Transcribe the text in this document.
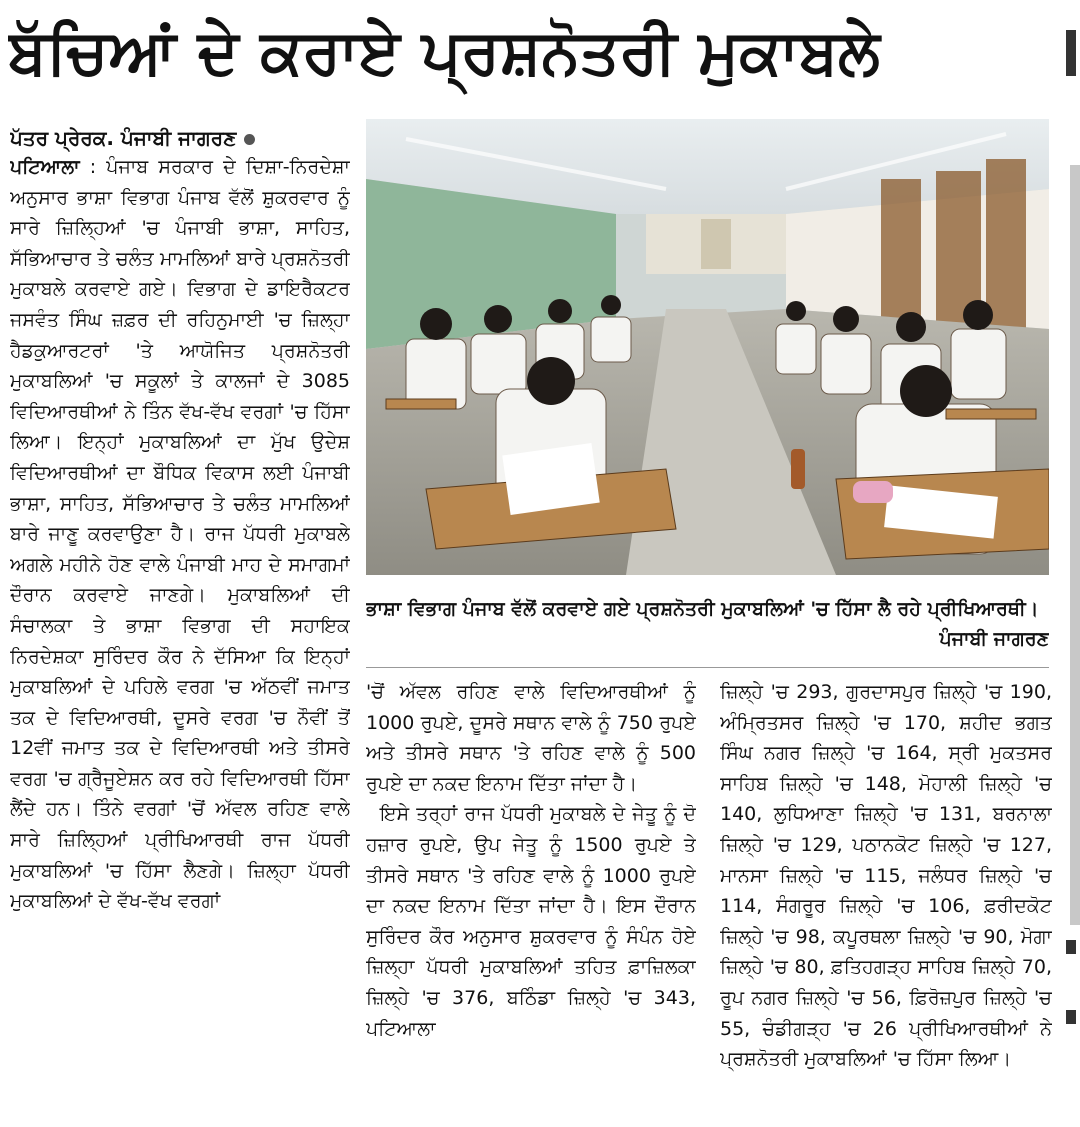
ਬੱਚਿਆਂ ਦੇ ਕਰਾਏ ਪ੍ਰਸ਼ਨੋਤਰੀ ਮੁਕਾਬਲੇ
ਪੱਤਰ ਪ੍ਰੇਰਕ. ਪੰਜਾਬੀ ਜਾਗਰਣ

ਪਟਿਆਲਾ : ਪੰਜਾਬ ਸਰਕਾਰ ਦੇ ਦਿਸ਼ਾ-ਨਿਰਦੇਸ਼ਾ ਅਨੁਸਾਰ ਭਾਸ਼ਾ ਵਿਭਾਗ ਪੰਜਾਬ ਵੱਲੋਂ ਸ਼ੁਕਰਵਾਰ ਨੂੰ ਸਾਰੇ ਜ਼ਿਲ੍ਹਿਆਂ 'ਚ ਪੰਜਾਬੀ ਭਾਸ਼ਾ, ਸਾਹਿਤ, ਸੱਭਿਆਚਾਰ ਤੇ ਚਲੰਤ ਮਾਮਲਿਆਂ ਬਾਰੇ ਪ੍ਰਸ਼ਨੋਤਰੀ ਮੁਕਾਬਲੇ ਕਰਵਾਏ ਗਏ। ਵਿਭਾਗ ਦੇ ਡਾਇਰੈਕਟਰ ਜਸਵੰਤ ਸਿੰਘ ਜ਼ਫ਼ਰ ਦੀ ਰਹਿਨੁਮਾਈ 'ਚ ਜ਼ਿਲ੍ਹਾ ਹੈਡਕੁਆਰਟਰਾਂ 'ਤੇ ਆਯੋਜਿਤ ਪ੍ਰਸ਼ਨੋਤਰੀ ਮੁਕਾਬਲਿਆਂ 'ਚ ਸਕੂਲਾਂ ਤੇ ਕਾਲਜਾਂ ਦੇ 3085 ਵਿਦਿਆਰਥੀਆਂ ਨੇ ਤਿੰਨ ਵੱਖ-ਵੱਖ ਵਰਗਾਂ 'ਚ ਹਿੱਸਾ ਲਿਆ। ਇਨ੍ਹਾਂ ਮੁਕਾਬਲਿਆਂ ਦਾ ਮੁੱਖ ਉਦੇਸ਼ ਵਿਦਿਆਰਥੀਆਂ ਦਾ ਬੌਧਿਕ ਵਿਕਾਸ ਲਈ ਪੰਜਾਬੀ ਭਾਸ਼ਾ, ਸਾਹਿਤ, ਸੱਭਿਆਚਾਰ ਤੇ ਚਲੰਤ ਮਾਮਲਿਆਂ ਬਾਰੇ ਜਾਣੂ ਕਰਵਾਉਣਾ ਹੈ। ਰਾਜ ਪੱਧਰੀ ਮੁਕਾਬਲੇ ਅਗਲੇ ਮਹੀਨੇ ਹੋਣ ਵਾਲੇ ਪੰਜਾਬੀ ਮਾਹ ਦੇ ਸਮਾਗਮਾਂ ਦੌਰਾਨ ਕਰਵਾਏ ਜਾਣਗੇ। ਮੁਕਾਬਲਿਆਂ ਦੀ ਸੰਚਾਲਕਾ ਤੇ ਭਾਸ਼ਾ ਵਿਭਾਗ ਦੀ ਸਹਾਇਕ ਨਿਰਦੇਸ਼ਕਾ ਸੁਰਿੰਦਰ ਕੌਰ ਨੇ ਦੱਸਿਆ ਕਿ ਇਨ੍ਹਾਂ ਮੁਕਾਬਲਿਆਂ ਦੇ ਪਹਿਲੇ ਵਰਗ 'ਚ ਅੱਠਵੀਂ ਜਮਾਤ ਤਕ ਦੇ ਵਿਦਿਆਰਥੀ, ਦੂਸਰੇ ਵਰਗ 'ਚ ਨੌਵੀਂ ਤੋਂ 12ਵੀਂ ਜਮਾਤ ਤਕ ਦੇ ਵਿਦਿਆਰਥੀ ਅਤੇ ਤੀਸਰੇ ਵਰਗ 'ਚ ਗ੍ਰੈਜੂਏਸ਼ਨ ਕਰ ਰਹੇ ਵਿਦਿਆਰਥੀ ਹਿੱਸਾ ਲੈਂਦੇ ਹਨ। ਤਿੰਨੇ ਵਰਗਾਂ 'ਚੋਂ ਅੱਵਲ ਰਹਿਣ ਵਾਲੇ ਸਾਰੇ ਜ਼ਿਲ੍ਹਿਆਂ ਪ੍ਰੀਖਿਆਰਥੀ ਰਾਜ ਪੱਧਰੀ ਮੁਕਾਬਲਿਆਂ 'ਚ ਹਿੱਸਾ ਲੈਣਗੇ। ਜ਼ਿਲ੍ਹਾ ਪੱਧਰੀ ਮੁਕਾਬਲਿਆਂ ਦੇ ਵੱਖ-ਵੱਖ ਵਰਗਾਂ

ਭਾਸ਼ਾ ਵਿਭਾਗ ਪੰਜਾਬ ਵੱਲੋਂ ਕਰਵਾਏ ਗਏ ਪ੍ਰਸ਼ਨੋਤਰੀ ਮੁਕਾਬਲਿਆਂ 'ਚ ਹਿੱਸਾ ਲੈ ਰਹੇ ਪ੍ਰੀਖਿਆਰਥੀ।
ਪੰਜਾਬੀ ਜਾਗਰਣ

'ਚੋਂ ਅੱਵਲ ਰਹਿਣ ਵਾਲੇ ਵਿਦਿਆਰਥੀਆਂ ਨੂੰ 1000 ਰੁਪਏ, ਦੂਸਰੇ ਸਥਾਨ ਵਾਲੇ ਨੂੰ 750 ਰੁਪਏ ਅਤੇ ਤੀਸਰੇ ਸਥਾਨ 'ਤੇ ਰਹਿਣ ਵਾਲੇ ਨੂੰ 500 ਰੁਪਏ ਦਾ ਨਕਦ ਇਨਾਮ ਦਿੱਤਾ ਜਾਂਦਾ ਹੈ।

ਇਸੇ ਤਰ੍ਹਾਂ ਰਾਜ ਪੱਧਰੀ ਮੁਕਾਬਲੇ ਦੇ ਜੇਤੂ ਨੂੰ ਦੋ ਹਜ਼ਾਰ ਰੁਪਏ, ਉਪ ਜੇਤੂ ਨੂੰ 1500 ਰੁਪਏ ਤੇ ਤੀਸਰੇ ਸਥਾਨ 'ਤੇ ਰਹਿਣ ਵਾਲੇ ਨੂੰ 1000 ਰੁਪਏ ਦਾ ਨਕਦ ਇਨਾਮ ਦਿੱਤਾ ਜਾਂਦਾ ਹੈ। ਇਸ ਦੌਰਾਨ ਸੁਰਿੰਦਰ ਕੌਰ ਅਨੁਸਾਰ ਸ਼ੁਕਰਵਾਰ ਨੂੰ ਸੰਪੰਨ ਹੋਏ ਜ਼ਿਲ੍ਹਾ ਪੱਧਰੀ ਮੁਕਾਬਲਿਆਂ ਤਹਿਤ ਫ਼ਾਜ਼ਿਲਕਾ ਜ਼ਿਲ੍ਹੇ 'ਚ 376, ਬਠਿੰਡਾ ਜ਼ਿਲ੍ਹੇ 'ਚ 343, ਪਟਿਆਲਾ

ਜ਼ਿਲ੍ਹੇ 'ਚ 293, ਗੁਰਦਾਸਪੁਰ ਜ਼ਿਲ੍ਹੇ 'ਚ 190, ਅੰਮ੍ਰਿਤਸਰ ਜ਼ਿਲ੍ਹੇ 'ਚ 170, ਸ਼ਹੀਦ ਭਗਤ ਸਿੰਘ ਨਗਰ ਜ਼ਿਲ੍ਹੇ 'ਚ 164, ਸ੍ਰੀ ਮੁਕਤਸਰ ਸਾਹਿਬ ਜ਼ਿਲ੍ਹੇ 'ਚ 148, ਮੋਹਾਲੀ ਜ਼ਿਲ੍ਹੇ 'ਚ 140, ਲੁਧਿਆਣਾ ਜ਼ਿਲ੍ਹੇ 'ਚ 131, ਬਰਨਾਲਾ ਜ਼ਿਲ੍ਹੇ 'ਚ 129, ਪਠਾਨਕੋਟ ਜ਼ਿਲ੍ਹੇ 'ਚ 127, ਮਾਨਸਾ ਜ਼ਿਲ੍ਹੇ 'ਚ 115, ਜਲੰਧਰ ਜ਼ਿਲ੍ਹੇ 'ਚ 114, ਸੰਗਰੂਰ ਜ਼ਿਲ੍ਹੇ 'ਚ 106, ਫ਼ਰੀਦਕੋਟ ਜ਼ਿਲ੍ਹੇ 'ਚ 98, ਕਪੂਰਥਲਾ ਜ਼ਿਲ੍ਹੇ 'ਚ 90, ਮੋਗਾ ਜ਼ਿਲ੍ਹੇ 'ਚ 80, ਫ਼ਤਿਹਗੜ੍ਹ ਸਾਹਿਬ ਜ਼ਿਲ੍ਹੇ 70, ਰੂਪ ਨਗਰ ਜ਼ਿਲ੍ਹੇ 'ਚ 56, ਫ਼ਿਰੋਜ਼ਪੁਰ ਜ਼ਿਲ੍ਹੇ 'ਚ 55, ਚੰਡੀਗੜ੍ਹ 'ਚ 26 ਪ੍ਰੀਖਿਆਰਥੀਆਂ ਨੇ ਪ੍ਰਸ਼ਨੋਤਰੀ ਮੁਕਾਬਲਿਆਂ 'ਚ ਹਿੱਸਾ ਲਿਆ।
